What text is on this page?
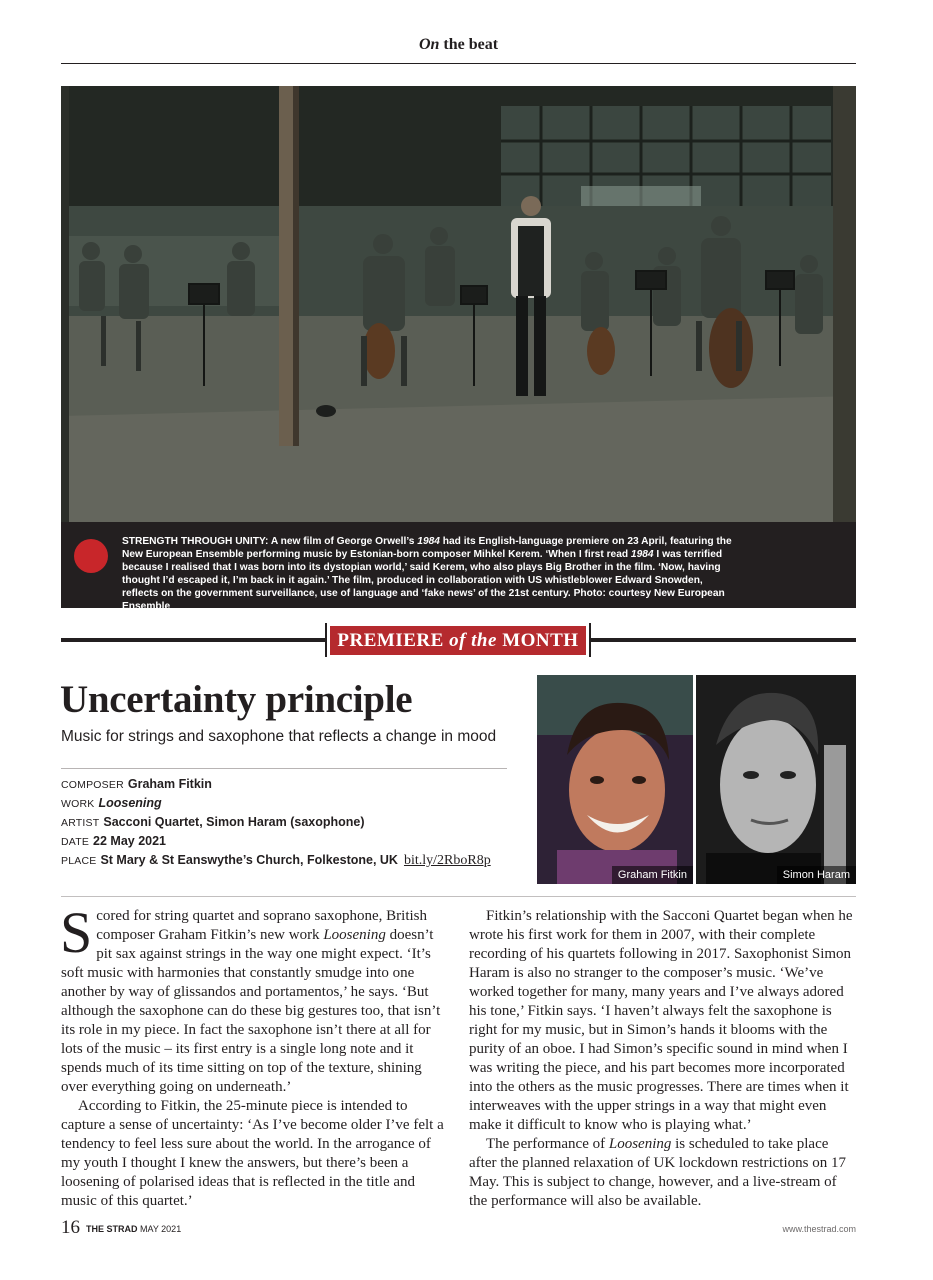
On the beat
STRENGTH THROUGH UNITY: A new film of George Orwell’s 1984 had its English-language premiere on 23 April, featuring the New European Ensemble performing music by Estonian-born composer Mihkel Kerem. ‘When I first read 1984 I was terrified because I realised that I was born into its dystopian world,’ said Kerem, who also plays Big Brother in the film. ‘Now, having thought I’d escaped it, I’m back in it again.’ The film, produced in collaboration with US whistleblower Edward Snowden, reflects on the government surveillance, use of language and ‘fake news’ of the 21st century. Photo: courtesy New European Ensemble
PREMIERE of the MONTH
Uncertainty principle
Music for strings and saxophone that reflects a change in mood
COMPOSER Graham Fitkin
WORK Loosening
ARTIST Sacconi Quartet, Simon Haram (saxophone)
DATE 22 May 2021
PLACE St Mary & St Eanswythe’s Church, Folkestone, UK bit.ly/2RboR8p
Graham Fitkin	Simon Haram

Scored for string quartet and soprano saxophone, British composer Graham Fitkin’s new work Loosening doesn’t pit sax against strings in the way one might expect. ‘It’s soft music with harmonies that constantly smudge into one another by way of glissandos and portamentos,’ he says. ‘But although the saxophone can do these big gestures too, that isn’t its role in my piece. In fact the saxophone isn’t there at all for lots of the music – its first entry is a single long note and it spends much of its time sitting on top of the texture, shining over everything going on underneath.’

According to Fitkin, the 25-minute piece is intended to capture a sense of uncertainty: ‘As I’ve become older I’ve felt a tendency to feel less sure about the world. In the arrogance of my youth I thought I knew the answers, but there’s been a loosening of polarised ideas that is reflected in the title and music of this quartet.’

Fitkin’s relationship with the Sacconi Quartet began when he wrote his first work for them in 2007, with their complete recording of his quartets following in 2017. Saxophonist Simon Haram is also no stranger to the composer’s music. ‘We’ve worked together for many, many years and I’ve always adored his tone,’ Fitkin says. ‘I haven’t always felt the saxophone is right for my music, but in Simon’s hands it blooms with the purity of an oboe. I had Simon’s specific sound in mind when I was writing the piece, and his part becomes more incorporated into the others as the music progresses. There are times when it interweaves with the upper strings in a way that might even make it difficult to know who is playing what.’

The performance of Loosening is scheduled to take place after the planned relaxation of UK lockdown restrictions on 17 May. This is subject to change, however, and a live-stream of the performance will also be available.

16 THE STRAD MAY 2021	www.thestrad.com
